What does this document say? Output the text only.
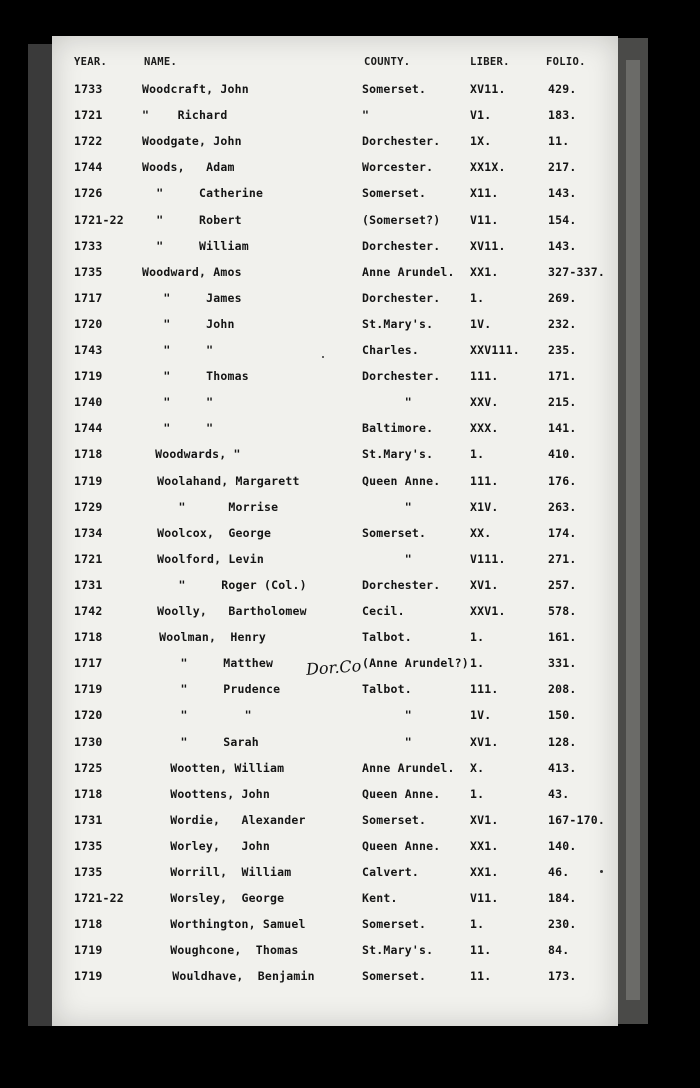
YEAR.	NAME.	COUNTY.	LIBER.	FOLIO.
1733	Woodcraft, John	Somerset.	XV11.	429.
1721	"    Richard	"	V1.	183.
1722	Woodgate, John	Dorchester.	1X.	11.
1744	Woods,   Adam	Worcester.	XX1X.	217.
1726	"     Catherine	Somerset.	X11.	143.
1721-22 "     Robert	(Somerset?)	V11.	154.
1733	"     William	Dorchester.	XV11.	143.
1735	Woodward, Amos	Anne Arundel. XX1.	327-337.
1717	"     James	Dorchester.	1.	269.
1720	"     John	St.Mary's.	1V.	232.
1743	"     "	Charles.	XXV111. 235.
1719	"     Thomas	Dorchester.	111.	171.
1740	"     "	"	XXV.	215.
1744	"     "	Baltimore.	XXX.	141.
1718	Woodwards, "	St.Mary's.	1.	410.
1719	Woolahand, Margarett	Queen Anne.	111.	176.
1729	"      Morrise	"	X1V.	263.
1734	Woolcox,  George	Somerset.	XX.	174.
1721	Woolford, Levin	"	V111.	271.
1731	"     Roger (Col.)	Dorchester.	XV1.	257.
1742	Woolly,   Bartholomew	Cecil.	XXV1.	578.
1718	Woolman,  Henry	Talbot.	1.	161.
1717	"     Matthew	(Anne Arundel?) 1.	331.
1719	"     Prudence	Talbot.	111.	208.
1720	"        "	"	1V.	150.
1730	"     Sarah	"	XV1.	128.
1725	Wootten, William	Anne Arundel. X.	413.
1718	Woottens, John	Queen Anne.	1.	43.
1731	Wordie,   Alexander	Somerset.	XV1.	167-170.
1735	Worley,   John	Queen Anne.	XX1.	140.
1735	Worrill,  William	Calvert.	XX1.	46.
1721-22	Worsley,  George	Kent.	V11.	184.
1718	Worthington, Samuel	Somerset.	1.	230.
1719	Woughcone,  Thomas	St.Mary's.	11.	84.
1719	Wouldhave,  Benjamin	Somerset.	11.	173.
Dor.Co
